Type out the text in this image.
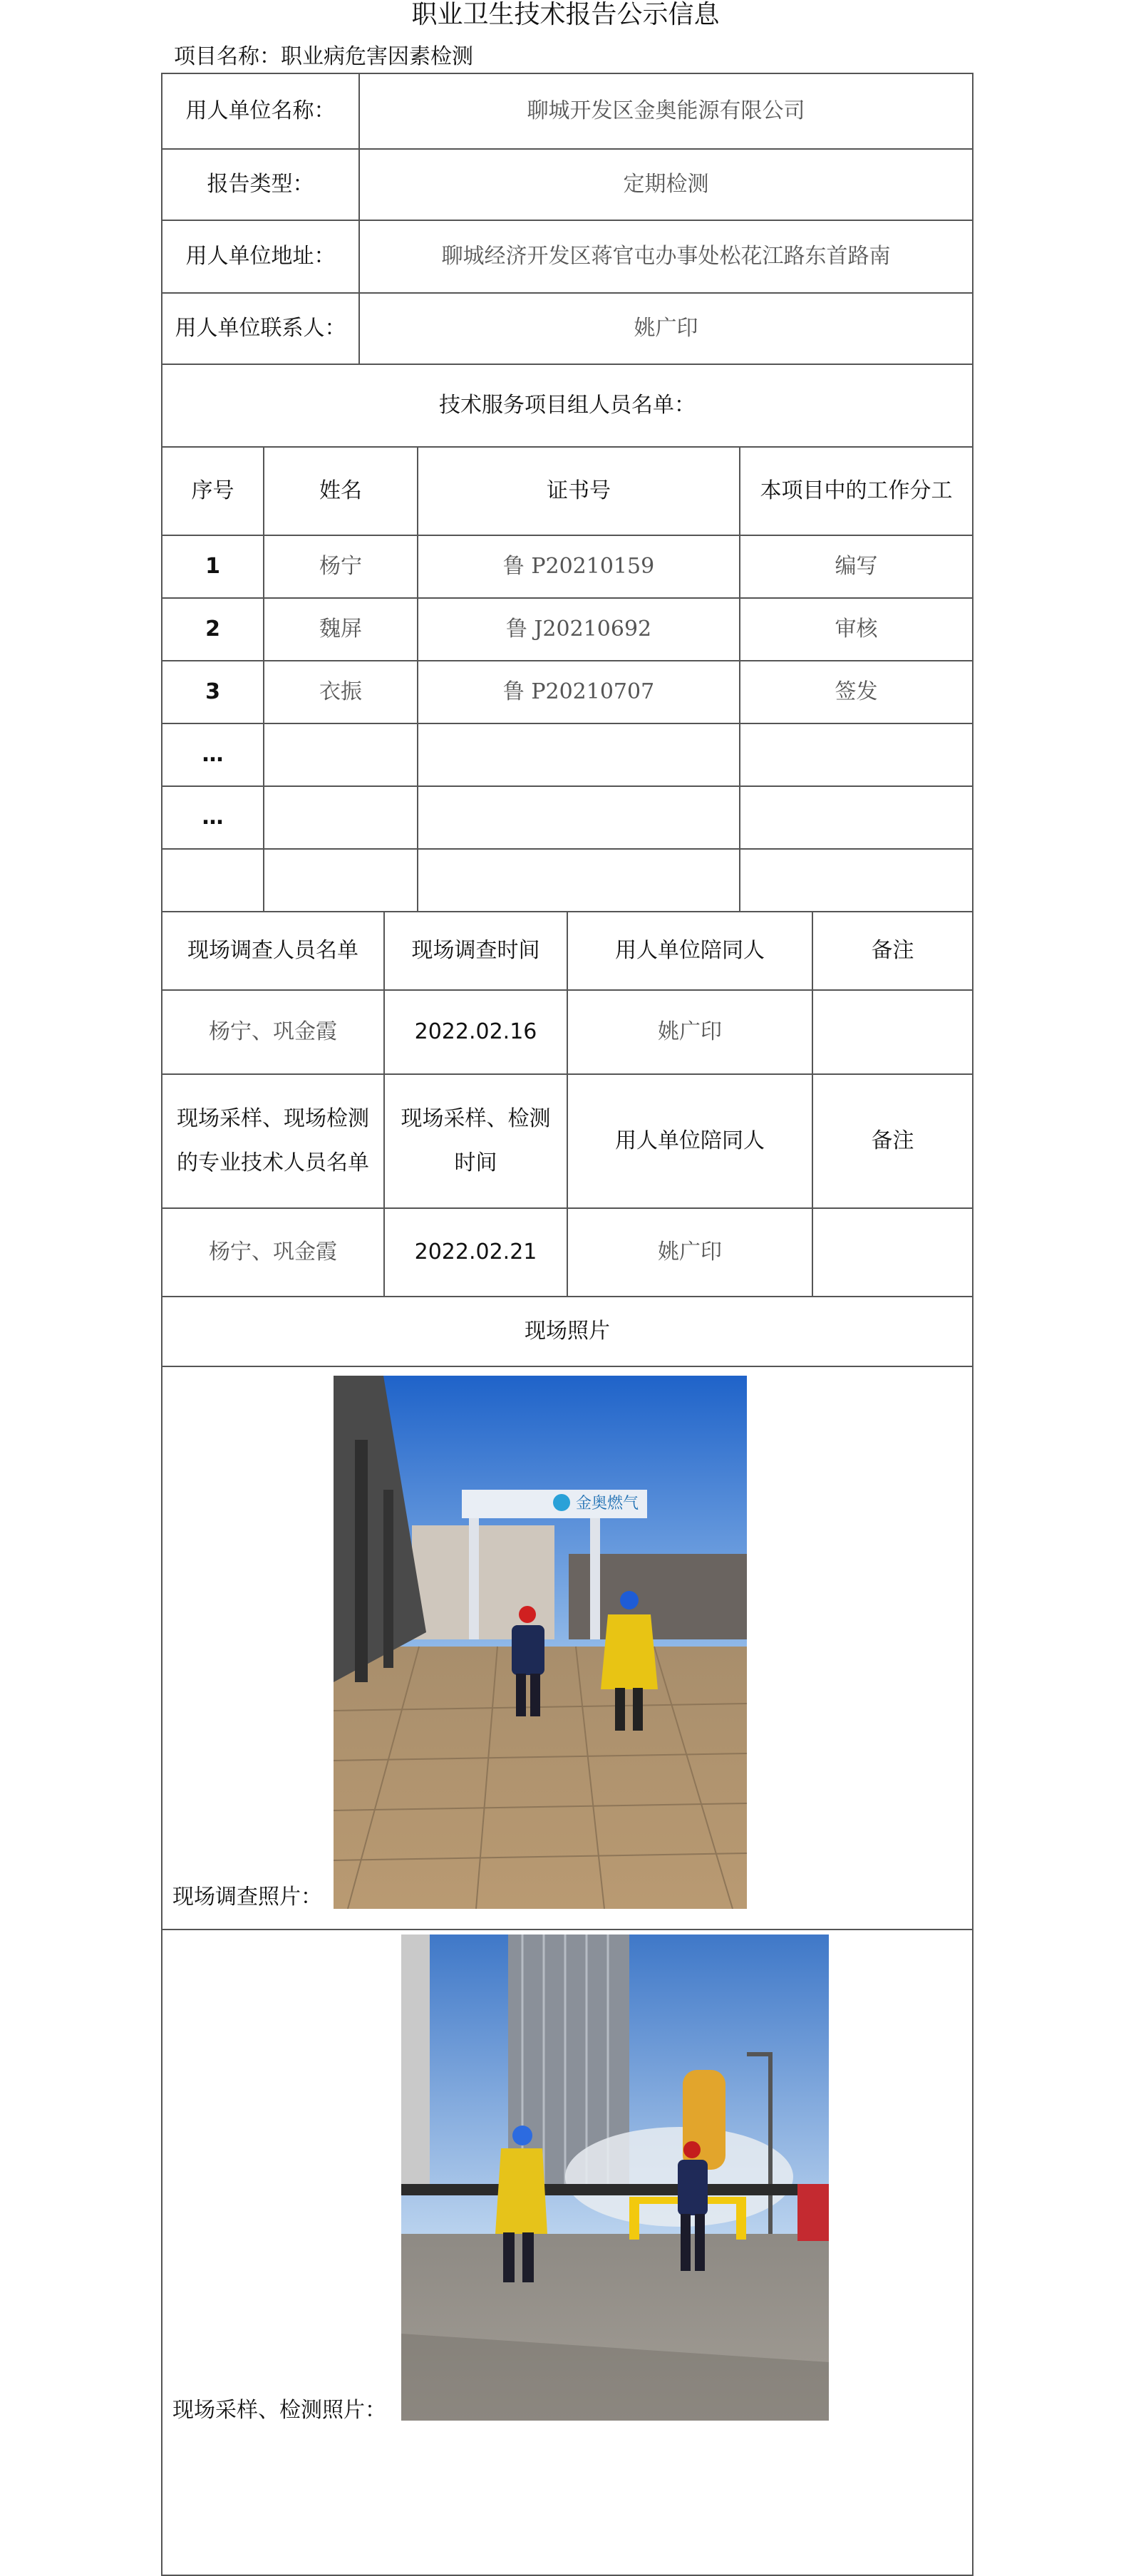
职业卫生技术报告公示信息
项目名称：职业病危害因素检测
用人单位名称：	聊城开发区金奥能源有限公司
报告类型：	定期检测
用人单位地址：	聊城经济开发区蒋官屯办事处松花江路东首路南
用人单位联系人：	姚广印
技术服务项目组人员名单：			
序号	姓名	证书号	本项目中的工作分工
1	杨宁	鲁 P20210159	编写
2	魏屏	鲁 J20210692	审核
3	衣振	鲁 P20210707	签发
…			
…			

现场调查人员名单	现场调查时间	用人单位陪同人	备注
杨宁、巩金霞	2022.02.16	姚广印	
现场采样、现场检测的专业技术人员名单	现场采样、检测时间	用人单位陪同人	备注
杨宁、巩金霞	2022.02.21	姚广印	
现场照片

现场调查照片：
金奥燃气

现场采样、检测照片：
